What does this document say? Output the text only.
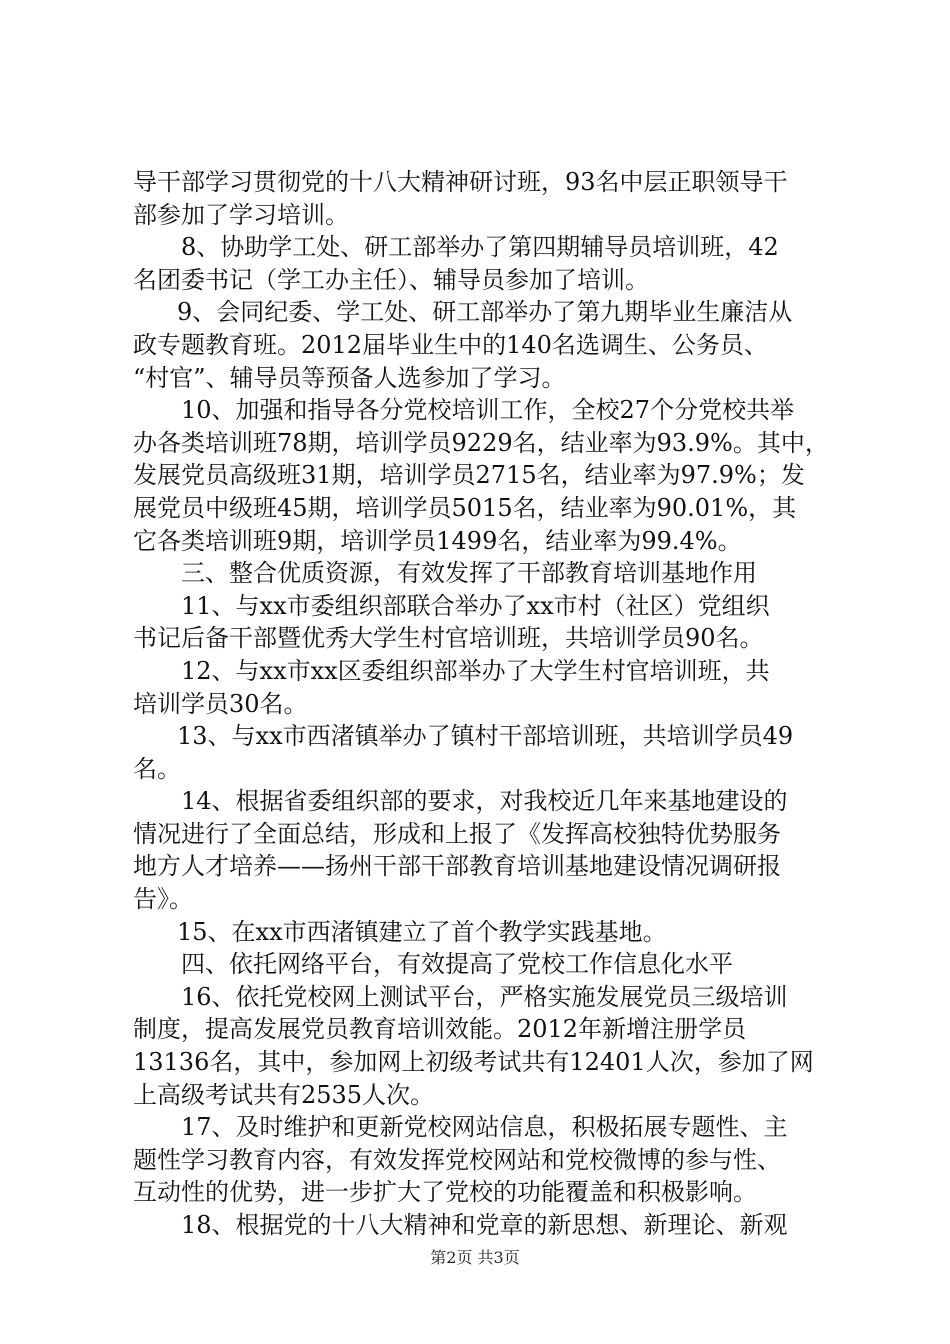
导干部学习贯彻党的十八大精神研讨班，93名中层正职领导干
部参加了学习培训。
8、协助学工处、研工部举办了第四期辅导员培训班，42
名团委书记（学工办主任）、辅导员参加了培训。
9、会同纪委、学工处、研工部举办了第九期毕业生廉洁从
政专题教育班。2012届毕业生中的140名选调生、公务员、
“村官”、辅导员等预备人选参加了学习。
10、加强和指导各分党校培训工作，全校27个分党校共举
办各类培训班78期，培训学员9229名，结业率为93.9%。其中，
发展党员高级班31期，培训学员2715名，结业率为97.9%；发
展党员中级班45期，培训学员5015名，结业率为90.01%，其
它各类培训班9期，培训学员1499名，结业率为99.4%。
三、整合优质资源，有效发挥了干部教育培训基地作用
11、与xx市委组织部联合举办了xx市村（社区）党组织
书记后备干部暨优秀大学生村官培训班，共培训学员90名。
12、与xx市xx区委组织部举办了大学生村官培训班，共
培训学员30名。
13、与xx市西渚镇举办了镇村干部培训班，共培训学员49
名。
14、根据省委组织部的要求，对我校近几年来基地建设的
情况进行了全面总结，形成和上报了《发挥高校独特优势服务
地方人才培养——扬州干部干部教育培训基地建设情况调研报
告》。
15、在xx市西渚镇建立了首个教学实践基地。
四、依托网络平台，有效提高了党校工作信息化水平
16、依托党校网上测试平台，严格实施发展党员三级培训
制度，提高发展党员教育培训效能。2012年新增注册学员
13136名，其中，参加网上初级考试共有12401人次，参加了网
上高级考试共有2535人次。
17、及时维护和更新党校网站信息，积极拓展专题性、主
题性学习教育内容，有效发挥党校网站和党校微博的参与性、
互动性的优势，进一步扩大了党校的功能覆盖和积极影响。
18、根据党的十八大精神和党章的新思想、新理论、新观
第2页 共3页
